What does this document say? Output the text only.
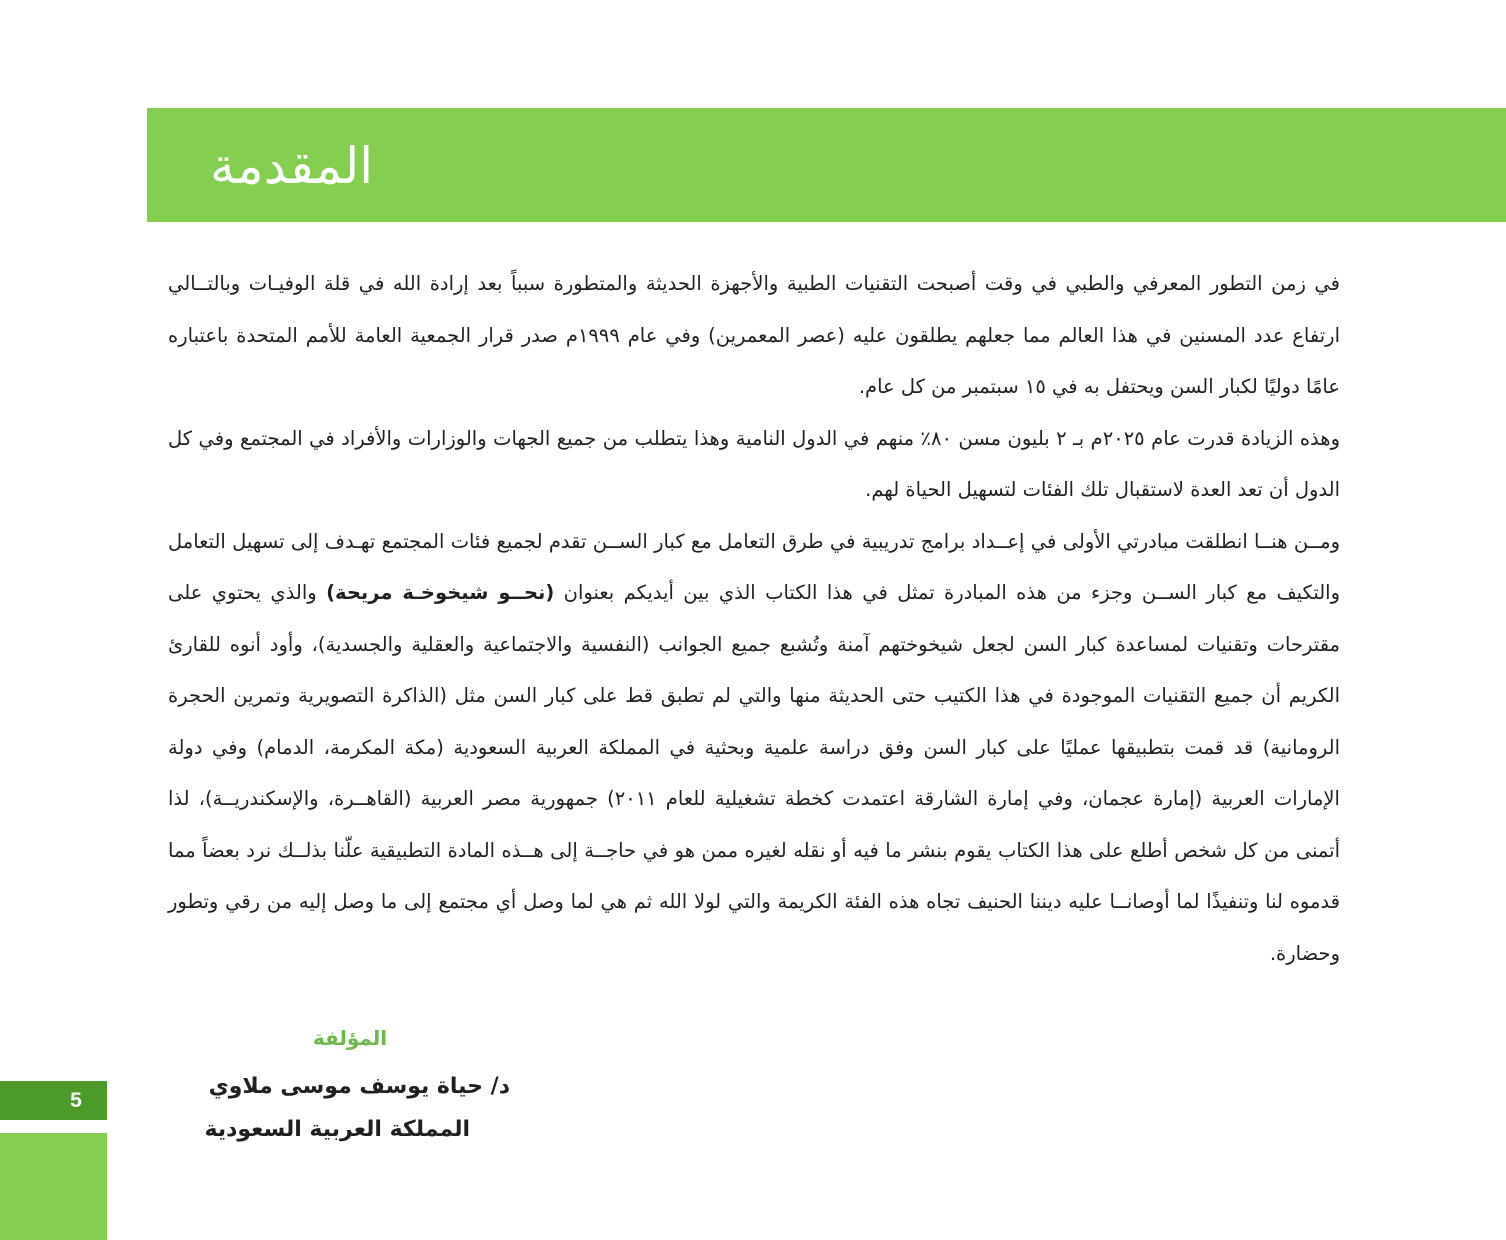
المقدمة

في زمن التطور المعرفي والطبي في وقت أصبحت التقنيات الطبية والأجهزة الحديثة والمتطورة سبباً بعد إرادة الله في قلة الوفيـات وبالتــالي ارتفاع عدد المسنين في هذا العالم مما جعلهم يطلقون عليه (عصر المعمرين) وفي عام ١٩٩٩م صدر قرار الجمعية العامة للأمم المتحدة باعتباره عامًا دوليًا لكبار السن ويحتفل به في ١٥ سبتمبر من كل عام.

وهذه الزيادة قدرت عام ٢٠٢٥م بـ ٢ بليون مسن ٨٠٪ منهم في الدول النامية وهذا يتطلب من جميع الجهات والوزارات والأفراد في المجتمع وفي كل الدول أن تعد العدة لاستقبال تلك الفئات لتسهيل الحياة لهم.

ومــن هنــا انطلقت مبادرتي الأولى في إعــداد برامج تدريبية في طرق التعامل مع كبار الســن تقدم لجميع فئات المجتمع تهـدف إلى تسهيل التعامل والتكيف مع كبار الســن وجزء من هذه المبادرة تمثل في هذا الكتاب الذي بين أيديكم بعنوان (نحــو شيخوخـة مريحة) والذي يحتوي على مقترحات وتقنيات لمساعدة كبار السن لجعل شيخوختهم آمنة وتُشبع جميع الجوانب (النفسية والاجتماعية والعقلية والجسدية)، وأود أنوه للقارئ الكريم أن جميع التقنيات الموجودة في هذا الكتيب حتى الحديثة منها والتي لم تطبق قط على كبار السن مثل (الذاكرة التصويرية وتمرين الحجرة الرومانية) قد قمت بتطبيقها عمليًا على كبار السن وفق دراسة علمية وبحثية في المملكة العربية السعودية (مكة المكرمة، الدمام) وفي دولة الإمارات العربية (إمارة عجمان، وفي إمارة الشارقة اعتمدت كخطة تشغيلية للعام ٢٠١١) جمهورية مصر العربية (القاهــرة، والإسكندريــة)، لذا أتمنى من كل شخص أطلع على هذا الكتاب يقوم بنشر ما فيه أو نقله لغيره ممن هو في حاجــة إلى هــذه المادة التطبيقية علّنا بذلــك نرد بعضاً مما قدموه لنا وتنفيذًا لما أوصانــا عليه ديننا الحنيف تجاه هذه الفئة الكريمة والتي لولا الله ثم هي لما وصل أي مجتمع إلى ما وصل إليه من رقي وتطور وحضارة.

المؤلفة
د/ حياة يوسف موسى ملاوي
المملكة العربية السعودية
5
